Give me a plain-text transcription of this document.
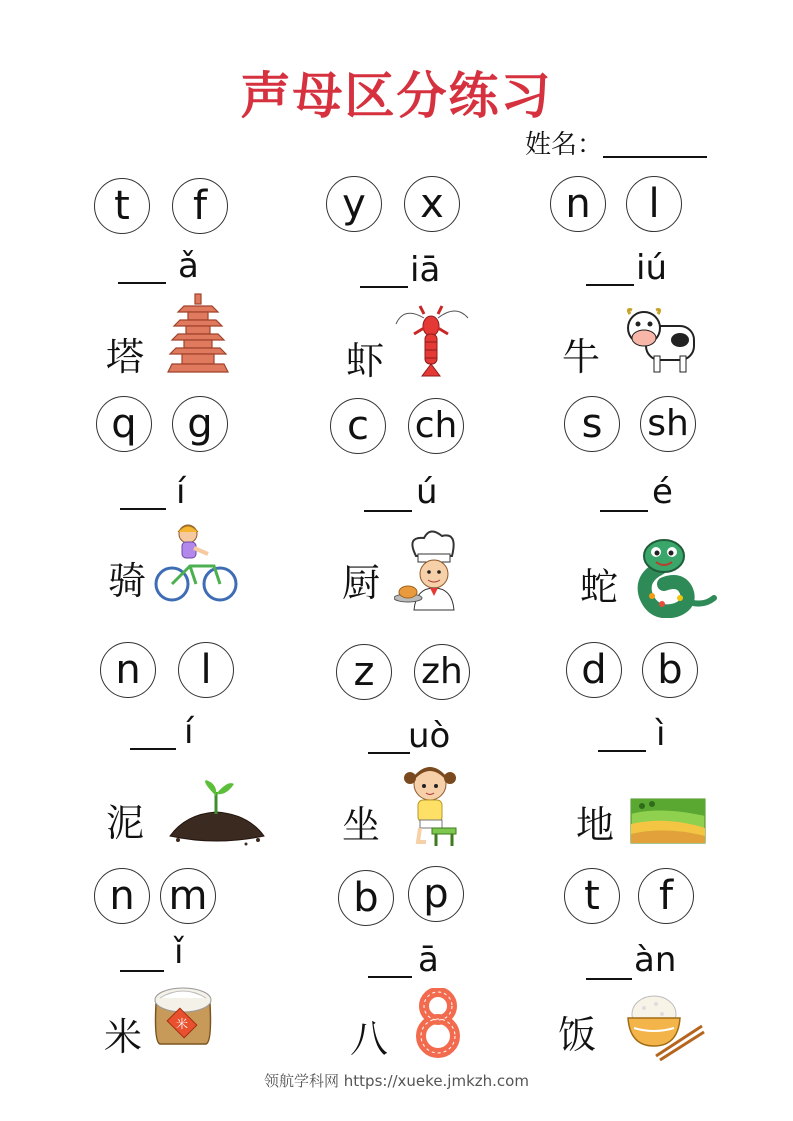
声母区分练习
姓名：
t	f
ǎ
塔
y	x
iā
虾
n	l
iú
牛
q	g
í
骑
c	ch
ú
厨
s	sh
é
蛇
n	l
í
泥
z	zh
uò
坐
d	b
ì
地
n m
ǐ
米	米
b	p
ā
八
t	f
àn
饭
领航学科网 https://xueke.jmkzh.com
